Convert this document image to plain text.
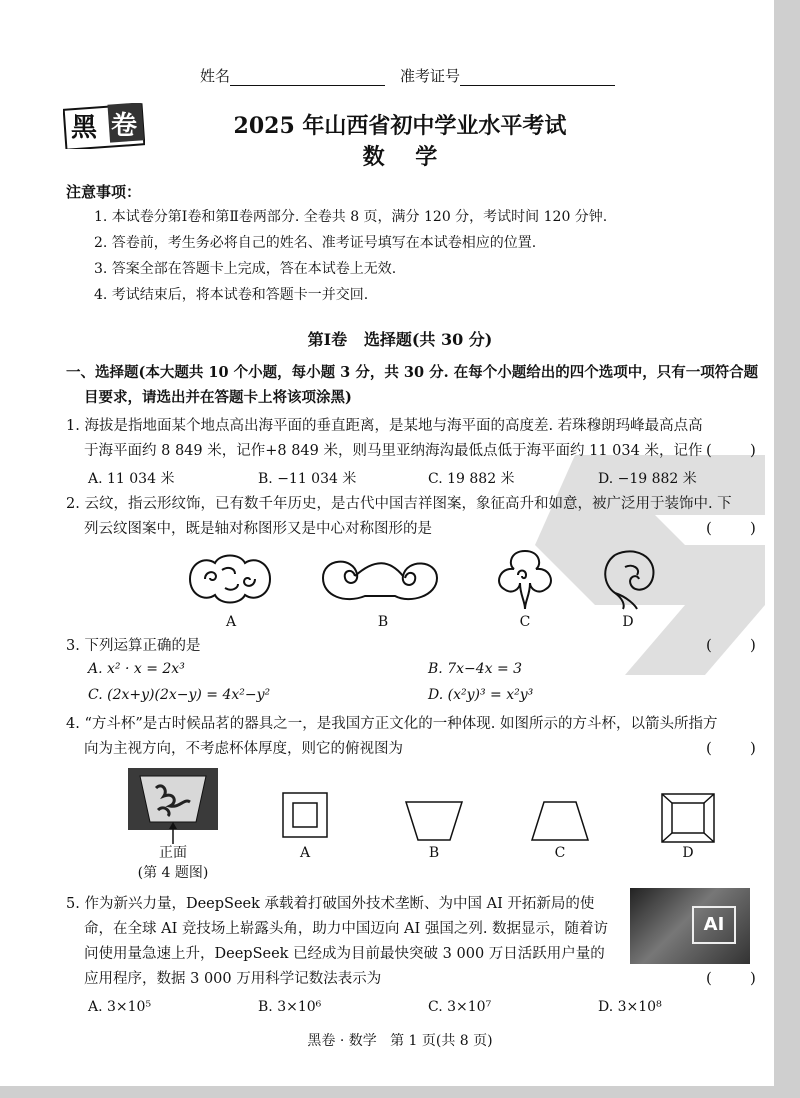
姓名	准考证号
黑 卷	2025 年山西省初中学业水平考试
数    学
注意事项：
1. 本试卷分第Ⅰ卷和第Ⅱ卷两部分. 全卷共 8 页，满分 120 分，考试时间 120 分钟.
2. 答卷前，考生务必将自己的姓名、准考证号填写在本试卷相应的位置.
3. 答案全部在答题卡上完成，答在本试卷上无效.
4. 考试结束后，将本试卷和答题卡一并交回.
第Ⅰ卷   选择题(共 30 分)
一、选择题(本大题共 10 个小题，每小题 3 分，共 30 分. 在每个小题给出的四个选项中，只有一项符合题
目要求，请选出并在答题卡上将该项涂黑)
1. 海拔是指地面某个地点高出海平面的垂直距离，是某地与海平面的高度差. 若珠穆朗玛峰最高点高
于海平面约 8 849 米，记作+8 849 米，则马里亚纳海沟最低点低于海平面约 11 034 米，记作 (        )
A. 11 034 米	B. −11 034 米	C. 19 882 米	D. −19 882 米
2. 云纹，指云形纹饰，已有数千年历史，是古代中国吉祥图案，象征高升和如意，被广泛用于装饰中. 下
列云纹图案中，既是轴对称图形又是中心对称图形的是	(        )
A	B	C	D
3. 下列运算正确的是	(        )
A. x² · x = 2x³	B. 7x−4x = 3
C. (2x+y)(2x−y) = 4x²−y²	D. (x²y)³ = x²y³
4. “方斗杯”是古时候品茗的器具之一，是我国方正文化的一种体现. 如图所示的方斗杯，以箭头所指方
向为主视方向，不考虑杯体厚度，则它的俯视图为	(        )
正面
(第 4 题图)
A	B	C	D
5. 作为新兴力量，DeepSeek 承载着打破国外技术垄断、为中国 AI 开拓新局的使
命，在全球 AI 竞技场上崭露头角，助力中国迈向 AI 强国之列. 数据显示，随着访
问使用量急速上升，DeepSeek 已经成为目前最快突破 3 000 万日活跃用户量的
应用程序，数据 3 000 万用科学记数法表示为	(        )
AI
A. 3×10⁵	B. 3×10⁶	C. 3×10⁷	D. 3×10⁸
黑卷 · 数学   第 1 页(共 8 页)
